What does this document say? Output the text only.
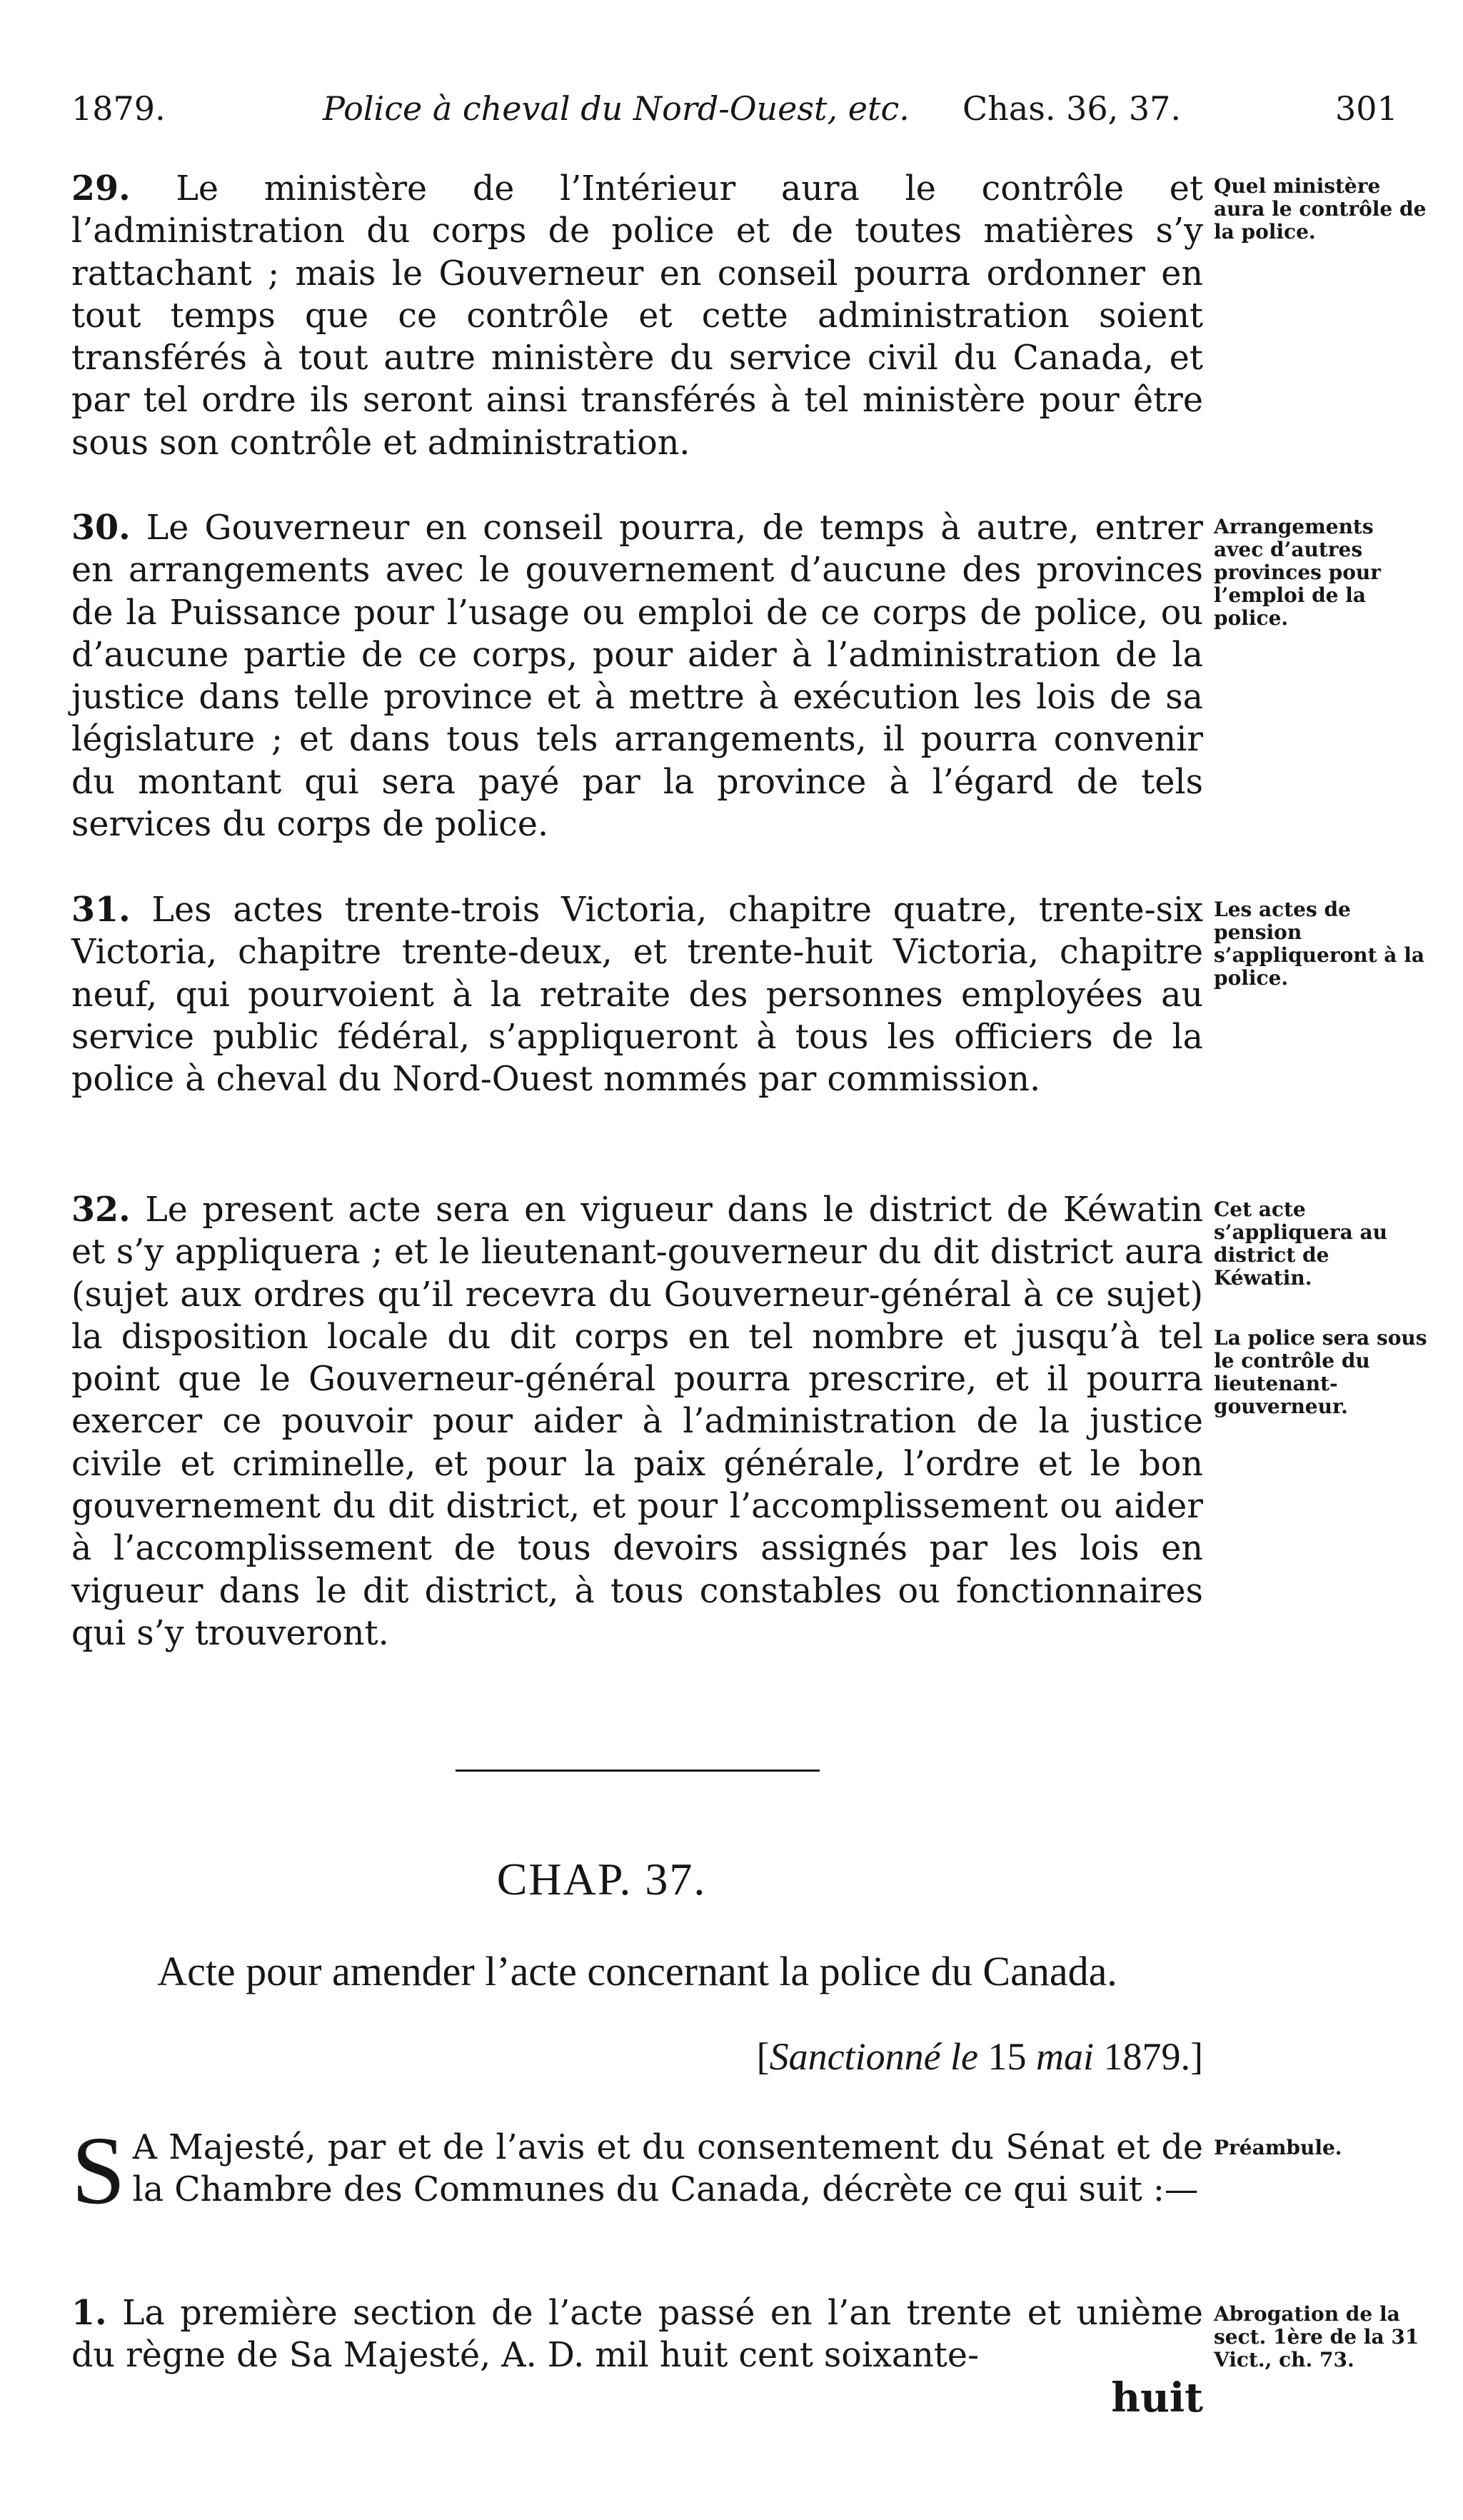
1879.	Police à cheval du Nord-Ouest, etc. Chas. 36, 37.	301
29. Le ministère de l’Intérieur aura le contrôle et l’administration du corps de police et de toutes matières s’y rattachant ; mais le Gouverneur en conseil pourra ordonner en tout temps que ce contrôle et cette administration soient transférés à tout autre ministère du service civil du Canada, et par tel ordre ils seront ainsi transférés à tel ministère pour être sous son contrôle et administration.
Quel ministère aura le contrôle de la police.
30. Le Gouverneur en conseil pourra, de temps à autre, entrer en arrangements avec le gouvernement d’aucune des provinces de la Puissance pour l’usage ou emploi de ce corps de police, ou d’aucune partie de ce corps, pour aider à l’administration de la justice dans telle province et à mettre à exécution les lois de sa législature ; et dans tous tels arrangements, il pourra convenir du montant qui sera payé par la province à l’égard de tels services du corps de police.
Arrangements avec d’autres provinces pour l’emploi de la police.
31. Les actes trente-trois Victoria, chapitre quatre, trente-six Victoria, chapitre trente-deux, et trente-huit Victoria, chapitre neuf, qui pourvoient à la retraite des personnes employées au service public fédéral, s’appliqueront à tous les officiers de la police à cheval du Nord-Ouest nommés par commission.
Les actes de pension s’appliqueront à la police.
32. Le present acte sera en vigueur dans le district de Kéwatin et s’y appliquera ; et le lieutenant-gouverneur du dit district aura (sujet aux ordres qu’il recevra du Gouverneur-général à ce sujet) la disposition locale du dit corps en tel nombre et jusqu’à tel point que le Gouverneur-général pourra prescrire, et il pourra exercer ce pouvoir pour aider à l’administration de la justice civile et criminelle, et pour la paix générale, l’ordre et le bon gouvernement du dit district, et pour l’accomplissement ou aider à l’accomplissement de tous devoirs assignés par les lois en vigueur dans le dit district, à tous constables ou fonctionnaires qui s’y trouveront.
Cet acte s’appliquera au district de Kéwatin.
La police sera sous le contrôle du lieutenant-gouverneur.
CHAP. 37.
Acte pour amender l’acte concernant la police du Canada.
[Sanctionné le 15 mai 1879.]
S A Majesté, par et de l’avis et du consentement du Sénat et de la Chambre des Communes du Canada, décrète ce qui suit :—
Préambule.
1. La première section de l’acte passé en l’an trente et unième du règne de Sa Majesté, A. D. mil huit cent soixante-
huit
Abrogation de la sect. 1ère de la 31 Vict., ch. 73.
